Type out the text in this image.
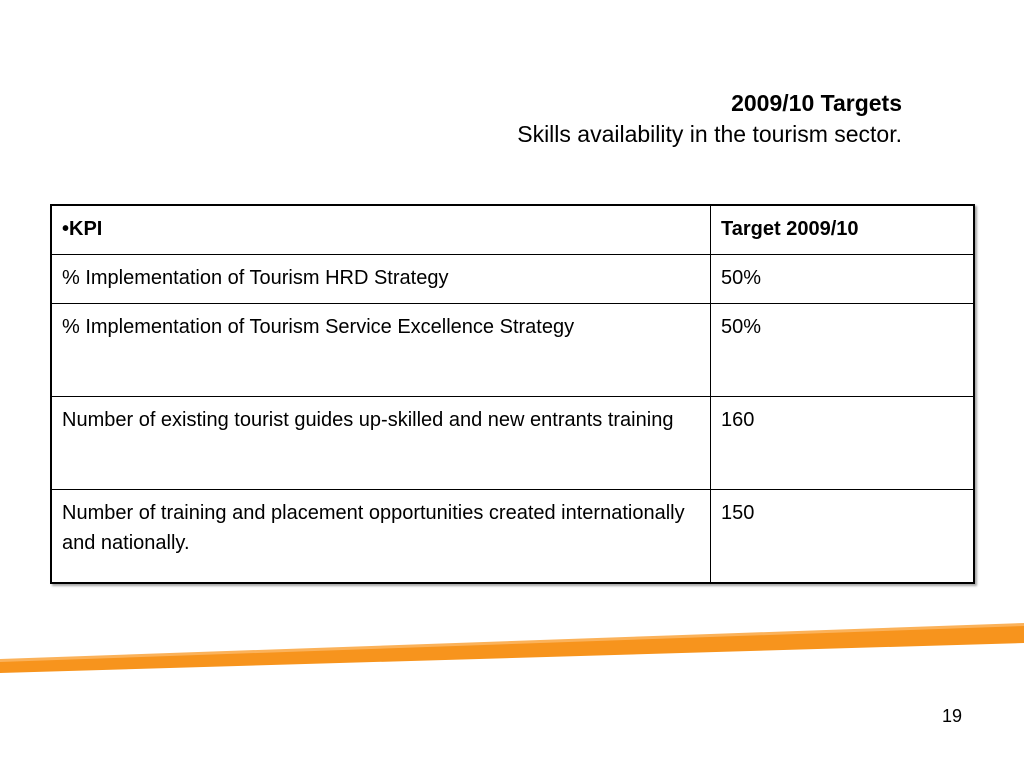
2009/10 Targets
Skills availability in the tourism sector.
•KPI	Target 2009/10
% Implementation of Tourism HRD Strategy	50%
% Implementation of Tourism Service Excellence Strategy	50%
Number of existing tourist guides up-skilled and new entrants training	160
Number of training and placement opportunities created internationally and nationally.	150
19
